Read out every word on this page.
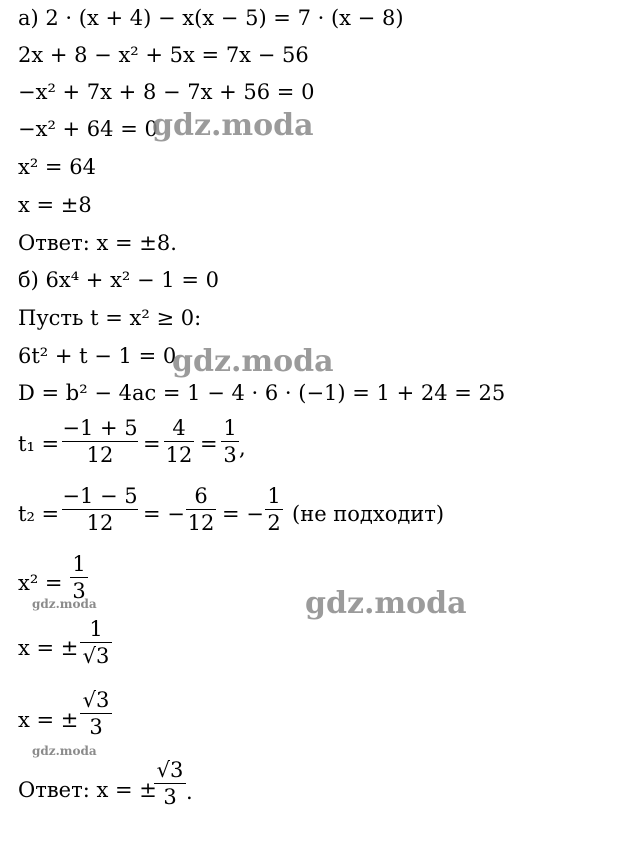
а) 2 · (x + 4) − x(x − 5) = 7 · (x − 8)
2x + 8 − x² + 5x = 7x − 56
−x² + 7x + 8 − 7x + 56 = 0
−x² + 64 = 0
x² = 64
x = ±8
Ответ: x = ±8.
б) 6x⁴ + x² − 1 = 0
Пусть t = x² ≥ 0:
6t² + t − 1 = 0
D = b² − 4ac = 1 − 4 · 6 · (−1) = 1 + 24 = 25
t₁ =
−1 + 5
12	=
4
12 =
1
3 ,
t₂ =
−1 − 5
12	= −
6
12 = −
1
2 (не подходит)
x² =
1
3
x = ±
1
√3
x = ±
√3
3
Ответ: x = ±
√3
3 .
gdz.moda
gdz.moda
gdz.moda
gdz.moda
gdz.moda
